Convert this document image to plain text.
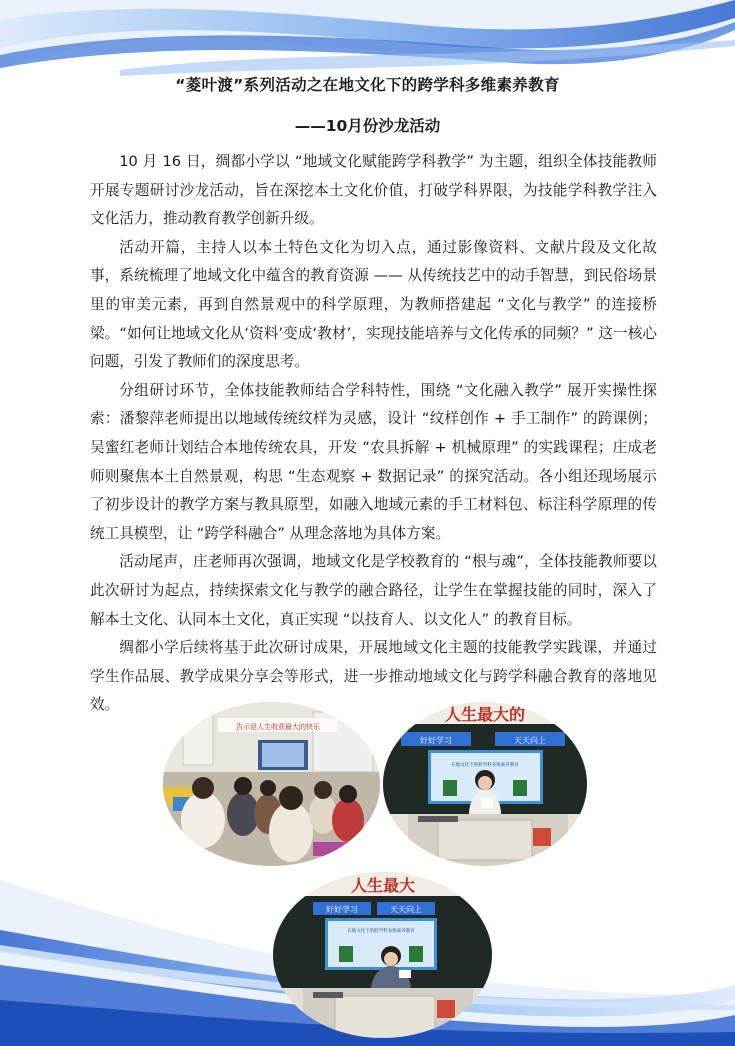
“菱叶渡”系列活动之在地文化下的跨学科多维素养教育
——10月份沙龙活动

10 月 16 日，绸都小学以 “地域文化赋能跨学科教学” 为主题，组织全体技能教师开展专题研讨沙龙活动，旨在深挖本土文化价值，打破学科界限，为技能学科教学注入文化活力，推动教育教学创新升级。

活动开篇，主持人以本土特色文化为切入点，通过影像资料、文献片段及文化故事，系统梳理了地域文化中蕴含的教育资源 —— 从传统技艺中的动手智慧，到民俗场景里的审美元素，再到自然景观中的科学原理，为教师搭建起 “文化与教学” 的连接桥梁。“如何让地域文化从‘资料’变成‘教材’，实现技能培养与文化传承的同频？” 这一核心问题，引发了教师们的深度思考。

分组研讨环节，全体技能教师结合学科特性，围绕 “文化融入教学” 展开实操性探索：潘黎萍老师提出以地域传统纹样为灵感，设计 “纹样创作 + 手工制作” 的跨课例；吴蜜红老师计划结合本地传统农具，开发 “农具拆解 + 机械原理” 的实践课程；庄成老师则聚焦本土自然景观，构思 “生态观察 + 数据记录” 的探究活动。各小组还现场展示了初步设计的教学方案与教具原型，如融入地域元素的手工材料包、标注科学原理的传统工具模型，让 “跨学科融合” 从理念落地为具体方案。

活动尾声，庄老师再次强调，地域文化是学校教育的 “根与魂”，全体技能教师要以此次研讨为起点，持续探索文化与教学的融合路径，让学生在掌握技能的同时，深入了解本土文化、认同本土文化，真正实现 “以技育人、以文化人” 的教育目标。

绸都小学后续将基于此次研讨成果，开展地域文化主题的技能教学实践课，并通过学生作品展、教学成果分享会等形式，进一步推动地域文化与跨学科融合教育的落地见效。

告示是人生收获最大的快乐
人生最大的
好好学习	天天向上
在地文化下的跨学科多维素养教育
人生最大
好好学习	天天向上
在地文化下的跨学科多维素养教育
